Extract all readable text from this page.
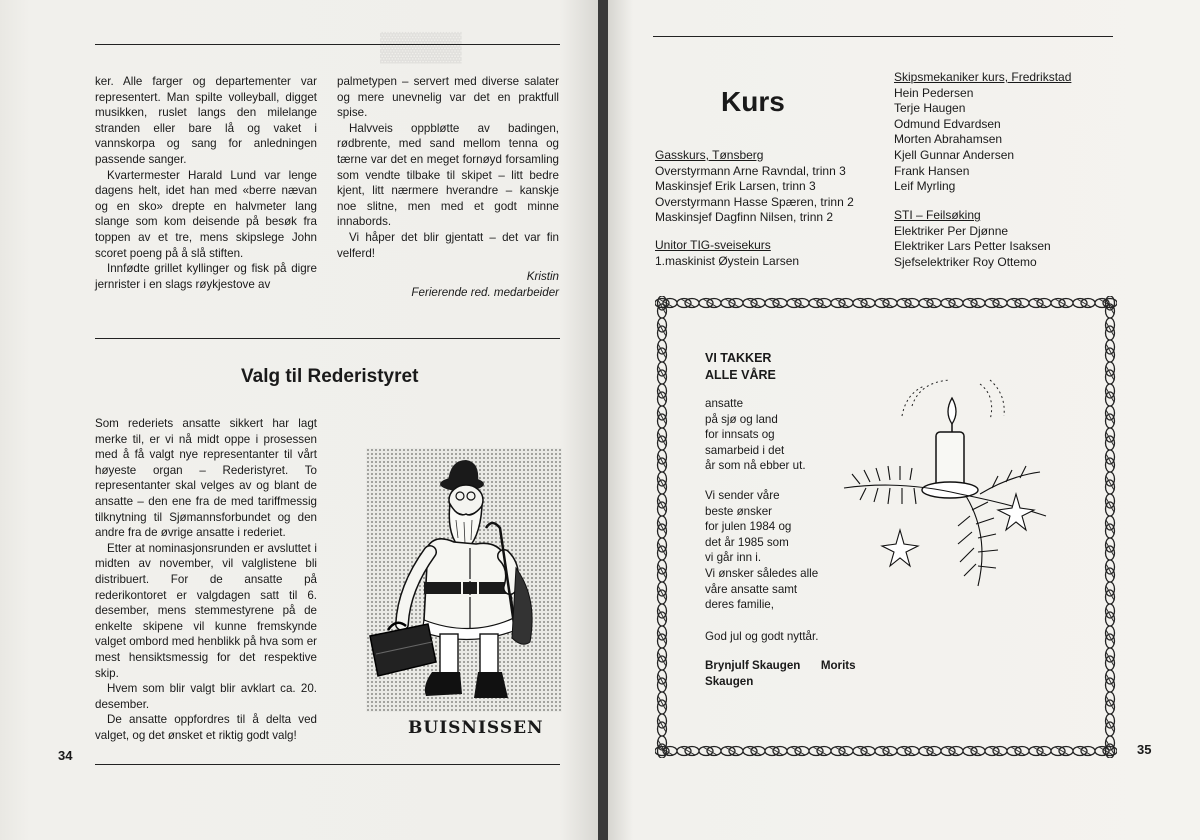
▓▓▓▓

ker. Alle farger og departementer var representert. Man spilte volleyball, digget musikken, ruslet langs den milelange stranden eller bare lå og vaket i vannskorpa og sang for anledningen passende sanger.

Kvartermester Harald Lund var lenge dagens helt, idet han med «berre nævan og en sko» drepte en halvmeter lang slange som kom deisende på besøk fra toppen av et tre, mens skipslege John scoret poeng på å slå stiften.

Innfødte grillet kyllinger og fisk på digre jernrister i en slags røykjestove av

palmetypen – servert med diverse salater og mere unevnelig var det en praktfull spise.

Halvveis oppbløtte av badingen, rødbrente, med sand mellom tenna og tærne var det en meget fornøyd forsamling som vendte tilbake til skipet – litt bedre kjent, litt nærmere hverandre – kanskje noe slitne, men med et godt minne innabords.

Vi håper det blir gjentatt – det var fin velferd!

Kristin
Ferierende red. medarbeider
Valg til Rederistyret

Som rederiets ansatte sikkert har lagt merke til, er vi nå midt oppe i prosessen med å få valgt nye representanter til vårt høyeste organ – Rederistyret. To representanter skal velges av og blant de ansatte – den ene fra de med tariffmessig tilknytning til Sjømannsforbundet og den andre fra de øvrige ansatte i rederiet.

Etter at nominasjonsrunden er avsluttet i midten av november, vil valglistene bli distribuert. For de ansatte på rederikontoret er valgdagen satt til 6. desember, mens stemmestyrene på de enkelte skipene vil kunne fremskynde valget ombord med henblikk på hva som er mest hensiktsmessig for det respektive skip.

Hvem som blir valgt blir avklart ca. 20. desember.

De ansatte oppfordres til å delta ved valget, og det ønsket et riktig godt valg!	BUISNISSEN
34
Kurs
Gasskurs, Tønsberg
Overstyrmann Arne Ravndal, trinn 3
Maskinsjef Erik Larsen, trinn 3
Overstyrmann Hasse Spæren, trinn 2
Maskinsjef Dagfinn Nilsen, trinn 2
Unitor TIG-sveisekurs
1.maskinist Øystein Larsen
Skipsmekaniker kurs, Fredrikstad
Hein Pedersen
Terje Haugen
Odmund Edvardsen
Morten Abrahamsen
Kjell Gunnar Andersen
Frank Hansen
Leif Myrling
STI – Feilsøking
Elektriker Per Djønne
Elektriker Lars Petter Isaksen
Sjefselektriker Roy Ottemo
VI TAKKER
ALLE VÅRE
ansatte
på sjø og land
for innsats og
samarbeid i det
år som nå ebber ut.
Vi sender våre
beste ønsker
for julen 1984 og
det år 1985 som
vi går inn i.
Vi ønsker således alle
våre ansatte samt
deres familie,
God jul og godt nyttår.
Brynjulf Skaugen Morits Skaugen
35
